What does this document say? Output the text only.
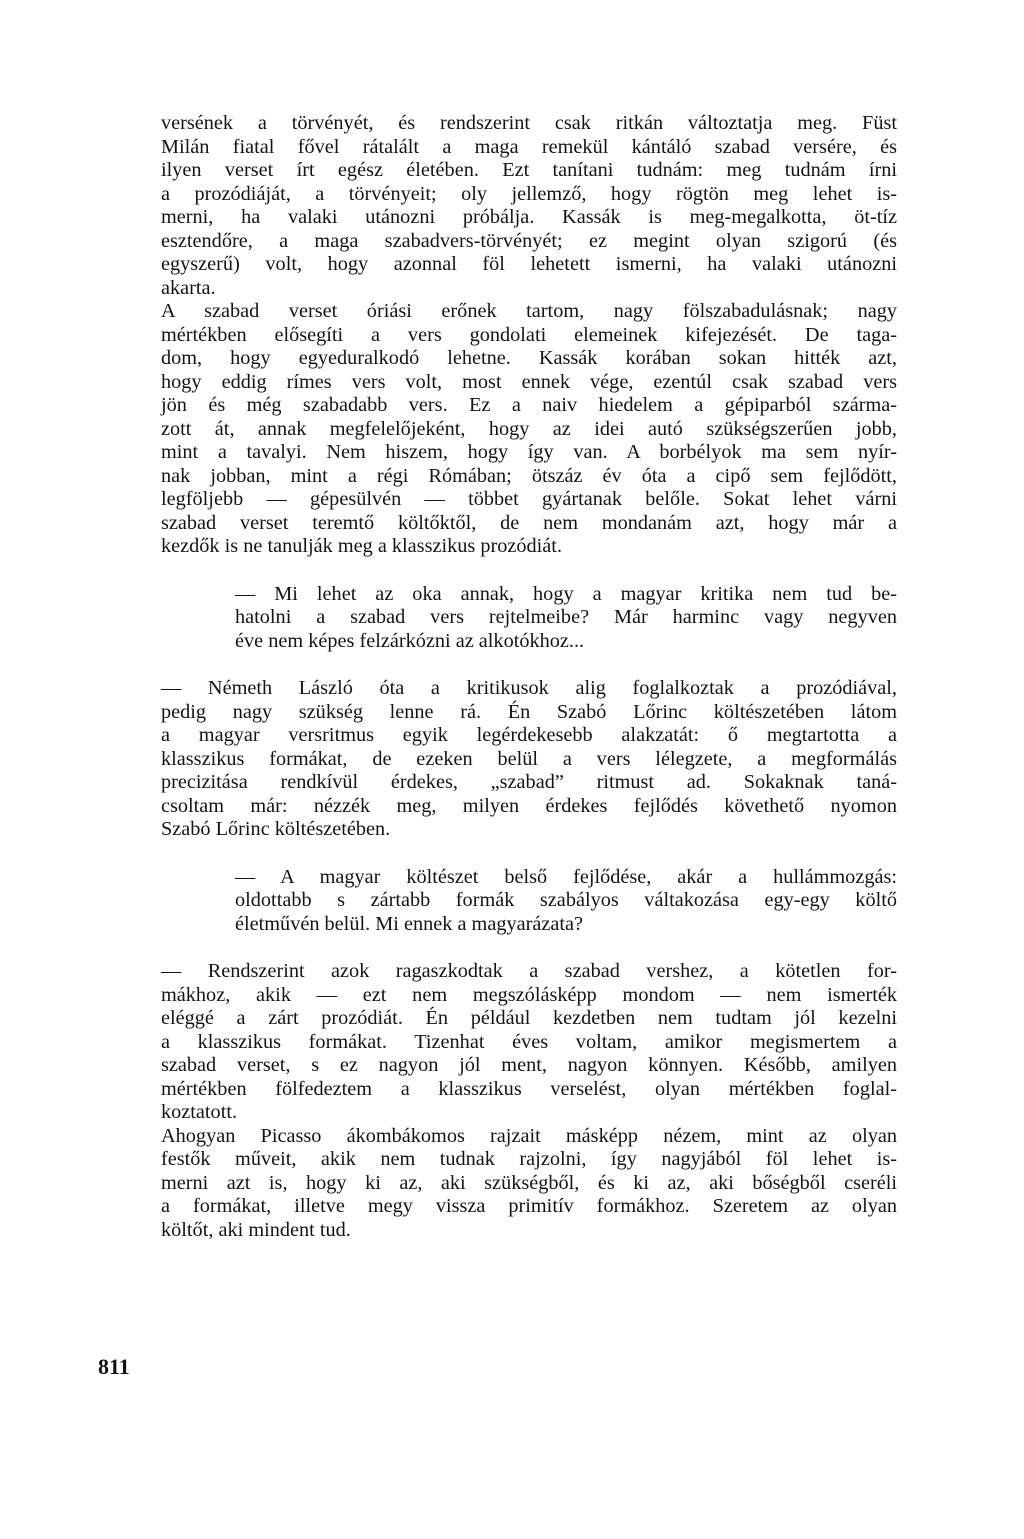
versének a törvényét, és rendszerint csak ritkán változtatja meg. Füst
Milán fiatal fővel rátalált a maga remekül kántáló szabad versére, és
ilyen verset írt egész életében. Ezt tanítani tudnám: meg tudnám írni
a prozódiáját, a törvényeit; oly jellemző, hogy rögtön meg lehet is-
merni, ha valaki utánozni próbálja. Kassák is meg-megalkotta, öt-tíz
esztendőre, a maga szabadvers-törvényét; ez megint olyan szigorú (és
egyszerű) volt, hogy azonnal föl lehetett ismerni, ha valaki utánozni
akarta.
A szabad verset óriási erőnek tartom, nagy fölszabadulásnak; nagy
mértékben elősegíti a vers gondolati elemeinek kifejezését. De taga-
dom, hogy egyeduralkodó lehetne. Kassák korában sokan hitték azt,
hogy eddig rímes vers volt, most ennek vége, ezentúl csak szabad vers
jön és még szabadabb vers. Ez a naiv hiedelem a gépiparból szárma-
zott át, annak megfelelőjeként, hogy az idei autó szükségszerűen jobb,
mint a tavalyi. Nem hiszem, hogy így van. A borbélyok ma sem nyír-
nak jobban, mint a régi Rómában; ötszáz év óta a cipő sem fejlődött,
legföljebb — gépesülvén — többet gyártanak belőle. Sokat lehet várni
szabad verset teremtő költőktől, de nem mondanám azt, hogy már a
kezdők is ne tanulják meg a klasszikus prozódiát.
— Mi lehet az oka annak, hogy a magyar kritika nem tud be-
hatolni a szabad vers rejtelmeibe? Már harminc vagy negyven
éve nem képes felzárkózni az alkotókhoz...
— Németh László óta a kritikusok alig foglalkoztak a prozódiával,
pedig nagy szükség lenne rá. Én Szabó Lőrinc költészetében látom
a magyar versritmus egyik legérdekesebb alakzatát: ő megtartotta a
klasszikus formákat, de ezeken belül a vers lélegzete, a megformálás
precizitása rendkívül érdekes, „szabad” ritmust ad. Sokaknak taná-
csoltam már: nézzék meg, milyen érdekes fejlődés követhető nyomon
Szabó Lőrinc költészetében.
— A magyar költészet belső fejlődése, akár a hullámmozgás:
oldottabb s zártabb formák szabályos váltakozása egy-egy költő
életművén belül. Mi ennek a magyarázata?
— Rendszerint azok ragaszkodtak a szabad vershez, a kötetlen for-
mákhoz, akik — ezt nem megszólásképp mondom — nem ismerték
eléggé a zárt prozódiát. Én például kezdetben nem tudtam jól kezelni
a klasszikus formákat. Tizenhat éves voltam, amikor megismertem a
szabad verset, s ez nagyon jól ment, nagyon könnyen. Később, amilyen
mértékben fölfedeztem a klasszikus verselést, olyan mértékben foglal-
koztatott.
Ahogyan Picasso ákombákomos rajzait másképp nézem, mint az olyan
festők műveit, akik nem tudnak rajzolni, így nagyjából föl lehet is-
merni azt is, hogy ki az, aki szükségből, és ki az, aki bőségből cseréli
a formákat, illetve megy vissza primitív formákhoz. Szeretem az olyan
költőt, aki mindent tud.
811
